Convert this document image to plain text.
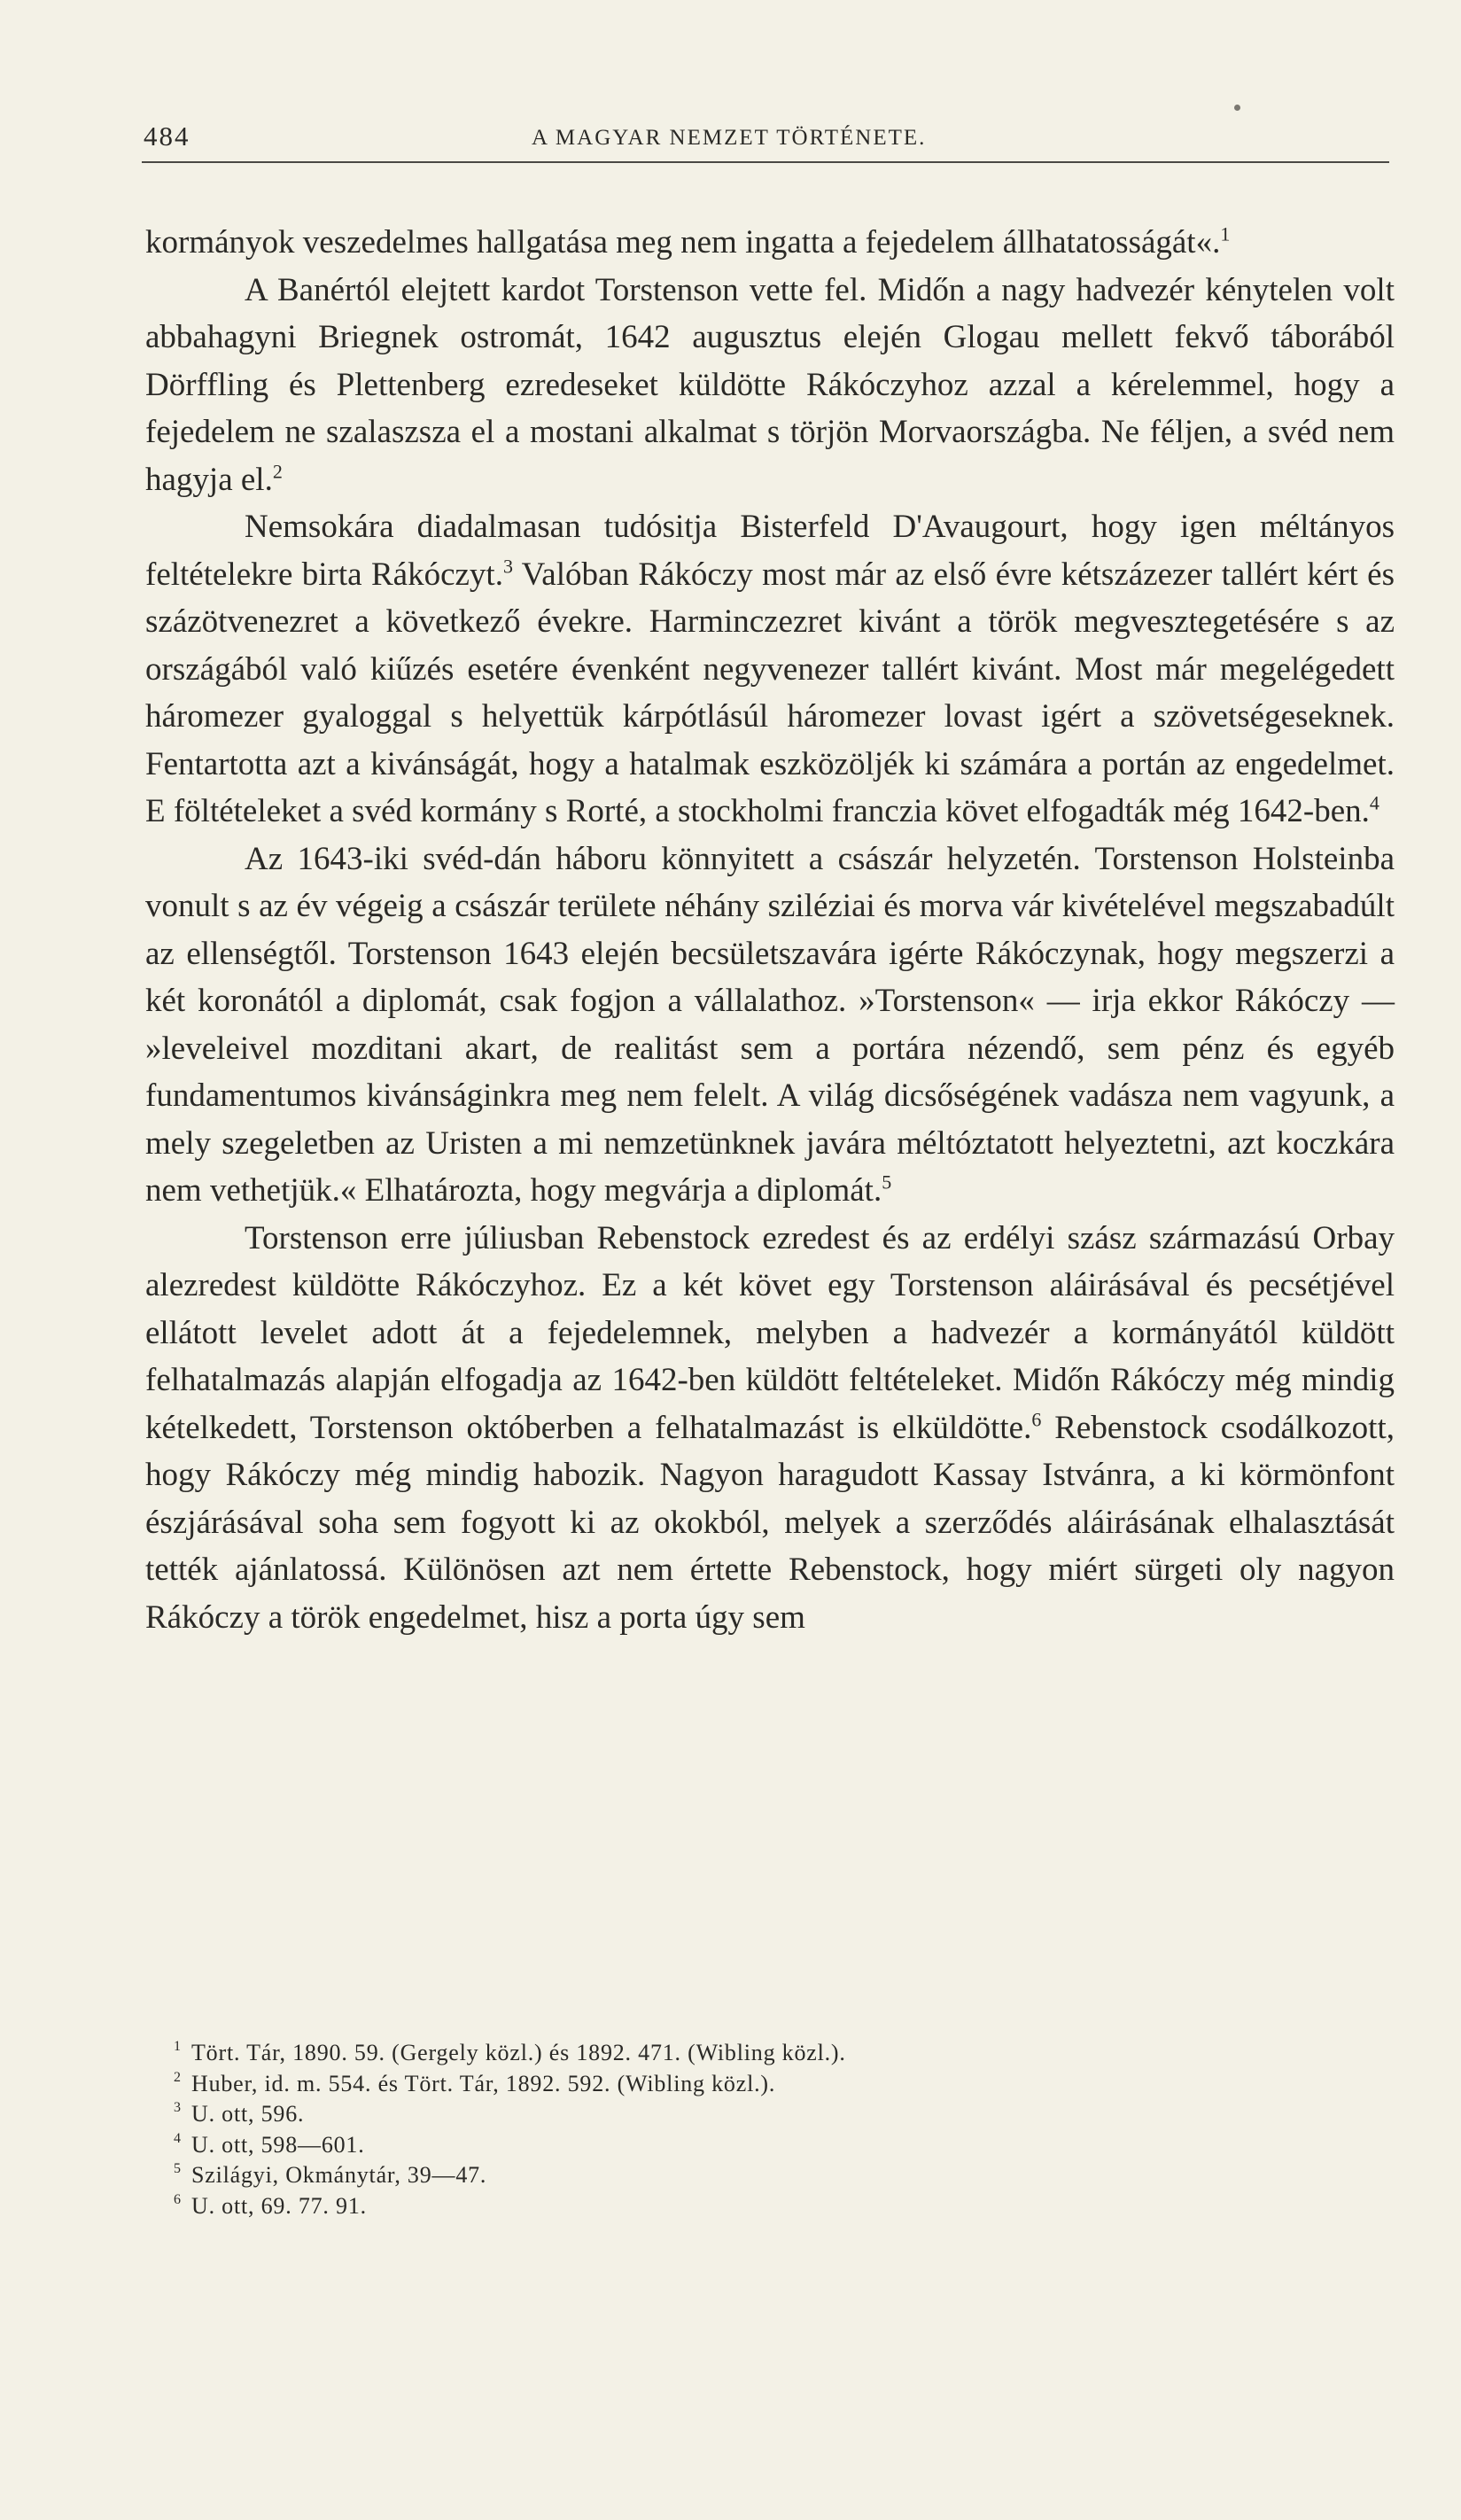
484	A MAGYAR NEMZET TÖRTÉNETE.

kormányok veszedelmes hallgatása meg nem ingatta a fejedelem állhatatosságát«.$^1$

A Banértól elejtett kardot Torstenson vette fel. Midőn a nagy hadvezér kénytelen volt abbahagyni Briegnek ostromát, 1642 augusztus elején Glogau mellett fekvő táborából Dörffling és Plettenberg ezredeseket küldötte Rákóczyhoz azzal a kérelemmel, hogy a fejedelem ne szalaszsza el a mostani alkalmat s törjön Morvaországba. Ne féljen, a svéd nem hagyja el.$^2$

Nemsokára diadalmasan tudósitja Bisterfeld D'Avaugourt, hogy igen méltányos feltételekre birta Rákóczyt.$^3$ Valóban Rákóczy most már az első évre kétszázezer tallért kért és százötvenezret a következő évekre. Harminczezret kivánt a török megvesztegetésére s az országából való kiűzés esetére évenként negyvenezer tallért kivánt. Most már megelégedett háromezer gyaloggal s helyettük kárpótlásúl háromezer lovast igért a szövetségeseknek. Fentartotta azt a kivánságát, hogy a hatalmak eszközöljék ki számára a portán az engedelmet. E föltételeket a svéd kormány s Rorté, a stockholmi franczia követ elfogadták még 1642-ben.$^4$

Az 1643-iki svéd-dán háboru könnyitett a császár helyzetén. Torstenson Holsteinba vonult s az év végeig a császár területe néhány sziléziai és morva vár kivételével megszabadúlt az ellenségtől. Torstenson 1643 elején becsületszavára igérte Rákóczynak, hogy megszerzi a két koronától a diplomát, csak fogjon a vállalathoz. »Torstenson« — irja ekkor Rákóczy — »leveleivel mozditani akart, de realitást sem a portára nézendő, sem pénz és egyéb fundamentumos kivánságinkra meg nem felelt. A világ dicsőségének vadásza nem vagyunk, a mely szegeletben az Uristen a mi nemzetünknek javára méltóztatott helyeztetni, azt koczkára nem vethetjük.« Elhatározta, hogy megvárja a diplomát.$^5$

Torstenson erre júliusban Rebenstock ezredest és az erdélyi szász származású Orbay alezredest küldötte Rákóczyhoz. Ez a két követ egy Torstenson aláirásával és pecsétjével ellátott levelet adott át a fejedelemnek, melyben a hadvezér a kormányától küldött felhatalmazás alapján elfogadja az 1642-ben küldött feltételeket. Midőn Rákóczy még mindig kételkedett, Torstenson októberben a felhatalmazást is elküldötte.$^6$ Rebenstock csodálkozott, hogy Rákóczy még mindig habozik. Nagyon haragudott Kassay Istvánra, a ki körmönfont észjárásával soha sem fogyott ki az okokból, melyek a szerződés aláirásának elhalasztását tették ajánlatossá. Különösen azt nem értette Rebenstock, hogy miért sürgeti oly nagyon Rákóczy a török engedelmet, hisz a porta úgy sem

1 Tört. Tár, 1890. 59. (Gergely közl.) és 1892. 471. (Wibling közl.).
2 Huber, id. m. 554. és Tört. Tár, 1892. 592. (Wibling közl.).
3 U. ott, 596.
4 U. ott, 598—601.
5 Szilágyi, Okmánytár, 39—47.
6 U. ott, 69. 77. 91.
